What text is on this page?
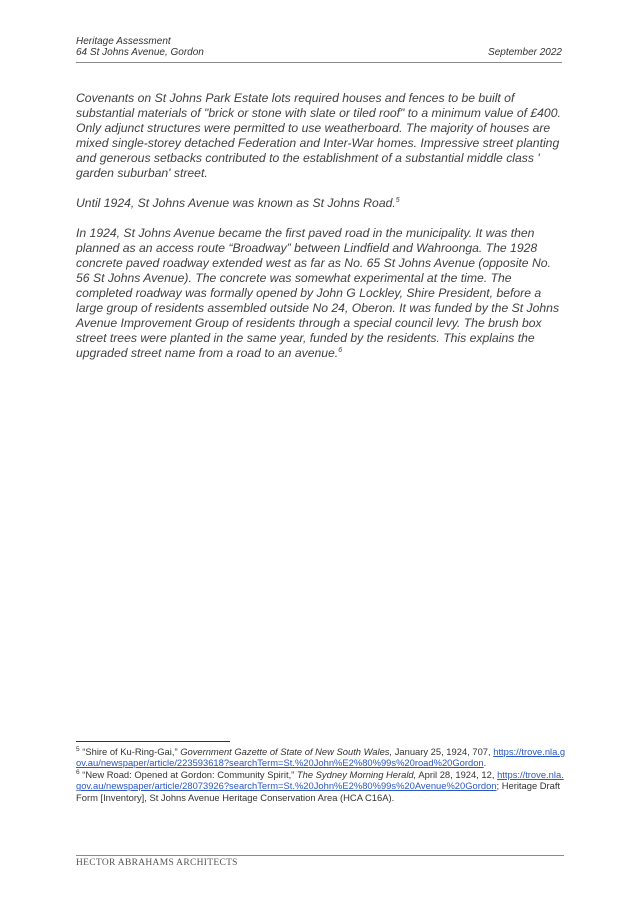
Heritage Assessment
64 St Johns Avenue, Gordon	September 2022

Covenants on St Johns Park Estate lots required houses and fences to be built of substantial materials of "brick or stone with slate or tiled roof" to a minimum value of £400. Only adjunct structures were permitted to use weatherboard. The majority of houses are mixed single-storey detached Federation and Inter-War homes. Impressive street planting and generous setbacks contributed to the establishment of a substantial middle class ' garden suburban' street.

Until 1924, St Johns Avenue was known as St Johns Road.$^5$

In 1924, St Johns Avenue became the first paved road in the municipality. It was then planned as an access route “Broadway” between Lindfield and Wahroonga. The 1928 concrete paved roadway extended west as far as No. 65 St Johns Avenue (opposite No. 56 St Johns Avenue). The concrete was somewhat experimental at the time. The completed roadway was formally opened by John G Lockley, Shire President, before a large group of residents assembled outside No 24, Oberon. It was funded by the St Johns Avenue Improvement Group of residents through a special council levy. The brush box street trees were planted in the same year, funded by the residents. This explains the upgraded street name from a road to an avenue.$^6$

$^5$ “Shire of Ku-Ring-Gai,” Government Gazette of State of New South Wales, January 25, 1924, 707, https://trove.nla.gov.au/newspaper/article/223593618?searchTerm=St.%20John%E2%80%99s%20road%20Gordon.

$^6$ “New Road: Opened at Gordon: Community Spirit,” The Sydney Morning Herald, April 28, 1924, 12, https://trove.nla.gov.au/newspaper/article/28073926?searchTerm=St.%20John%E2%80%99s%20Avenue%20Gordon; Heritage Draft Form [Inventory], St Johns Avenue Heritage Conservation Area (HCA C16A).

HECTOR ABRAHAMS ARCHITECTS
